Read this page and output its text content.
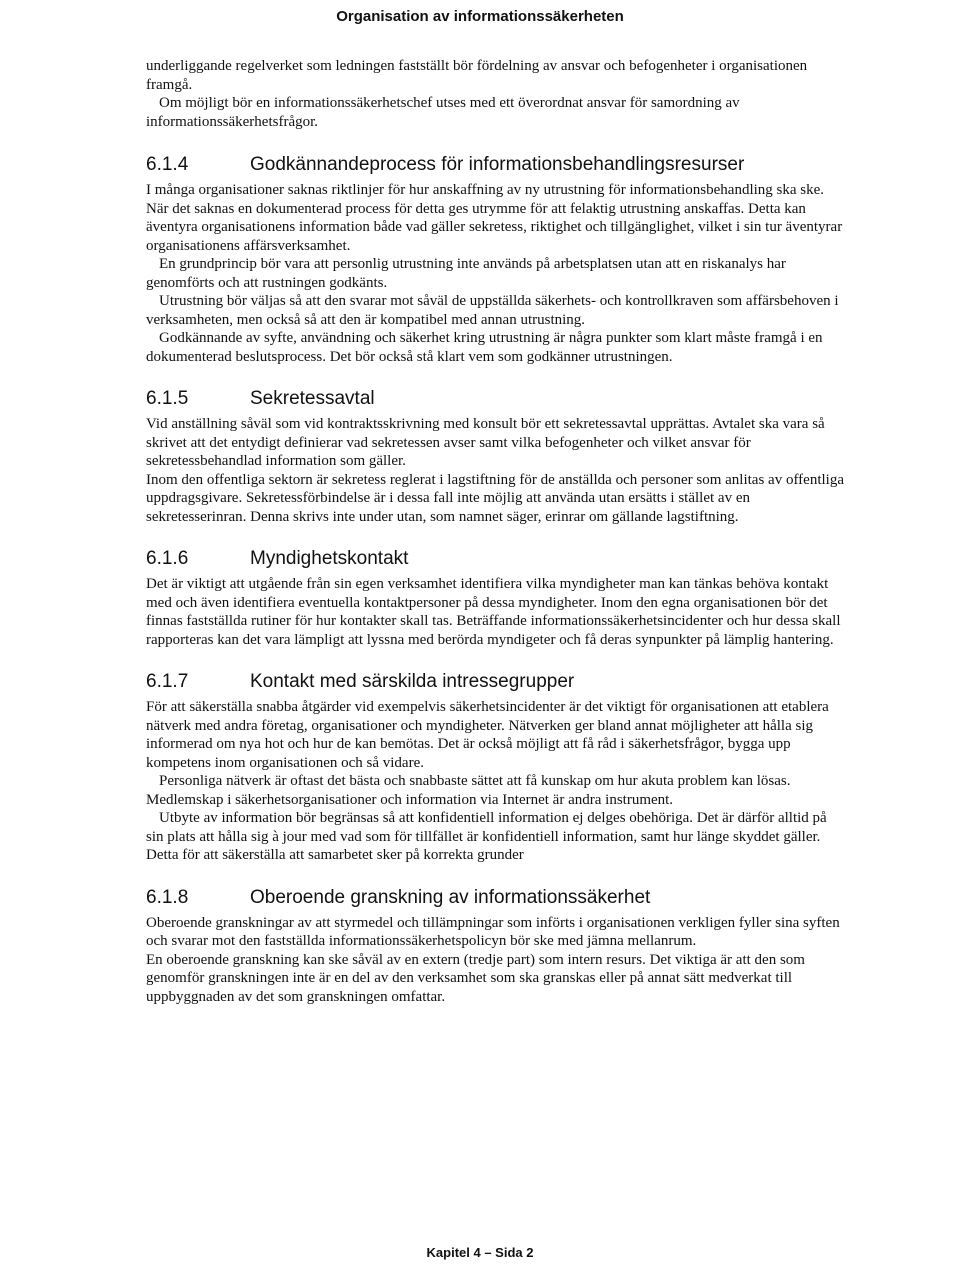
Organisation av informationssäkerheten

underliggande regelverket som ledningen fastställt bör fördelning av ansvar och befogenheter i organisationen framgå.

Om möjligt bör en informationssäkerhetschef utses med ett överordnat ansvar för samordning av informationssäkerhetsfrågor.

6.1.4	Godkännandeprocess för informationsbehandlingsresurser

I många organisationer saknas riktlinjer för hur anskaffning av ny utrustning för informationsbehandling ska ske. När det saknas en dokumenterad process för detta ges utrymme för att felaktig utrustning anskaffas. Detta kan äventyra organisationens information både vad gäller sekretess, riktighet och tillgänglighet, vilket i sin tur äventyrar organisationens affärsverksamhet.

En grundprincip bör vara att personlig utrustning inte används på arbetsplatsen utan att en riskanalys har genomförts och att rustningen godkänts.

Utrustning bör väljas så att den svarar mot såväl de uppställda säkerhets- och kontrollkraven som affärsbehoven i verksamheten, men också så att den är kompatibel med annan utrustning.

Godkännande av syfte, användning och säkerhet kring utrustning är några punkter som klart måste framgå i en dokumenterad beslutsprocess. Det bör också stå klart vem som godkänner utrustningen.

6.1.5	Sekretessavtal

Vid anställning såväl som vid kontraktsskrivning med konsult bör ett sekretessavtal upprättas. Avtalet ska vara så skrivet att det entydigt definierar vad sekretessen avser samt vilka befogenheter och vilket ansvar för sekretessbehandlad information som gäller.

Inom den offentliga sektorn är sekretess reglerat i lagstiftning för de anställda och personer som anlitas av offentliga uppdragsgivare. Sekretessförbindelse är i dessa fall inte möjlig att använda utan ersätts i stället av en sekretesserinran. Denna skrivs inte under utan, som namnet säger, erinrar om gällande lagstiftning.

6.1.6	Myndighetskontakt

Det är viktigt att utgående från sin egen verksamhet identifiera vilka myndigheter man kan tänkas behöva kontakt med och även identifiera eventuella kontaktpersoner på dessa myndigheter. Inom den egna organisationen bör det finnas fastställda rutiner för hur kontakter skall tas. Beträffande informationssäkerhetsincidenter och hur dessa skall rapporteras kan det vara lämpligt att lyssna med berörda myndigeter och få deras synpunkter på lämplig hantering.

6.1.7	Kontakt med särskilda intressegrupper

För att säkerställa snabba åtgärder vid exempelvis säkerhetsincidenter är det viktigt för organisationen att etablera nätverk med andra företag, organisationer och myndigheter. Nätverken ger bland annat möjligheter att hålla sig informerad om nya hot och hur de kan bemötas. Det är också möjligt att få råd i säkerhetsfrågor, bygga upp kompetens inom organisationen och så vidare.

Personliga nätverk är oftast det bästa och snabbaste sättet att få kunskap om hur akuta problem kan lösas. Medlemskap i säkerhetsorganisationer och information via Internet är andra instrument.

Utbyte av information bör begränsas så att konfidentiell information ej delges obehöriga. Det är därför alltid på sin plats att hålla sig à jour med vad som för tillfället är konfidentiell information, samt hur länge skyddet gäller. Detta för att säkerställa att samarbetet sker på korrekta grunder

6.1.8	Oberoende granskning av informationssäkerhet

Oberoende granskningar av att styrmedel och tillämpningar som införts i organisationen verkligen fyller sina syften och svarar mot den fastställda informationssäkerhetspolicyn bör ske med jämna mellanrum.

En oberoende granskning kan ske såväl av en extern (tredje part) som intern resurs. Det viktiga är att den som genomför granskningen inte är en del av den verksamhet som ska granskas eller på annat sätt medverkat till uppbyggnaden av det som granskningen omfattar.

Kapitel 4 – Sida 2
